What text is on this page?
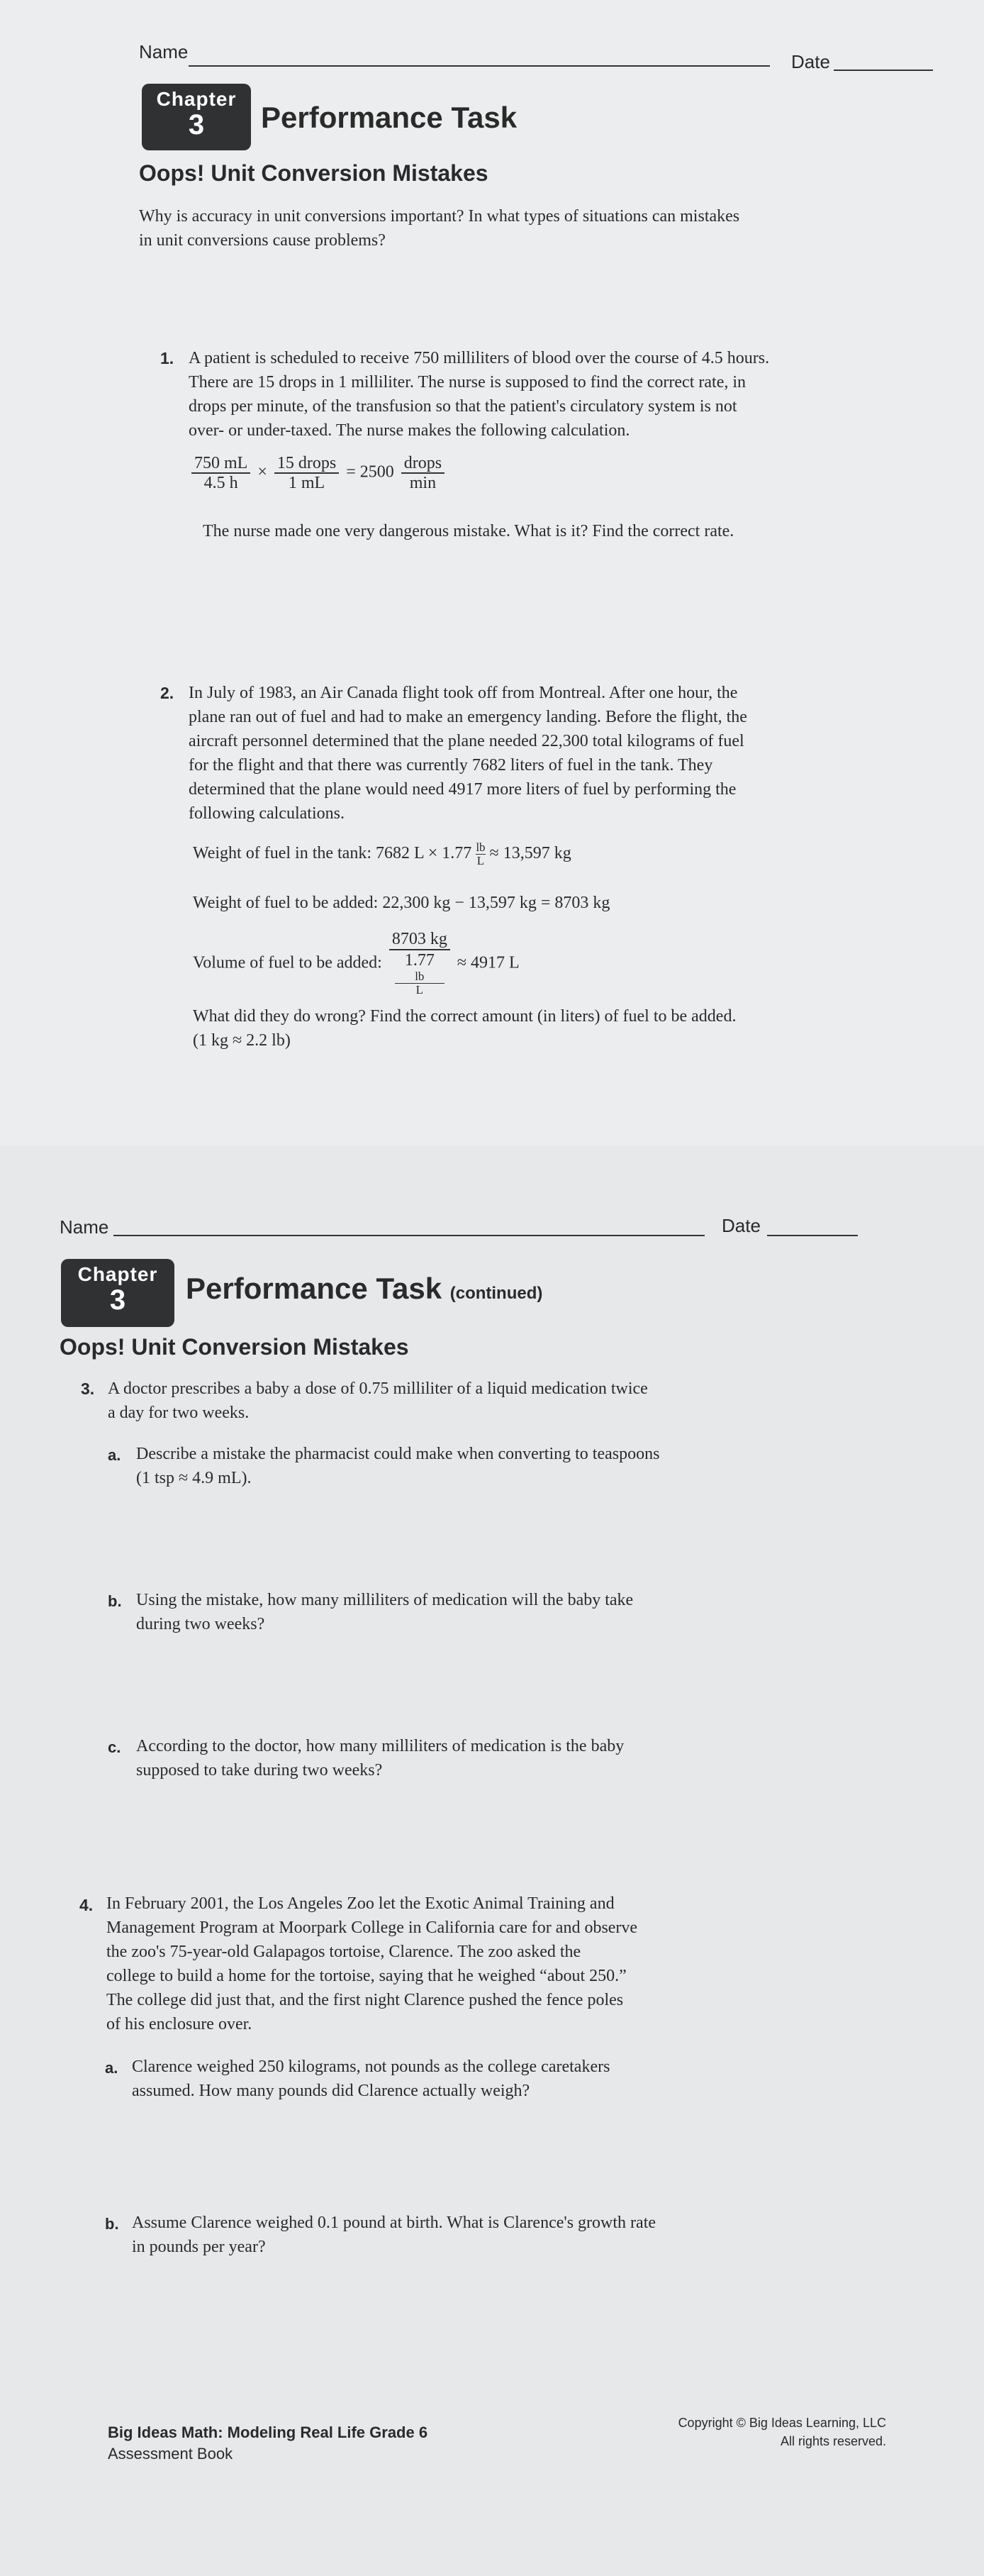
Name	Date
Chapter
3	Performance Task
Oops! Unit Conversion Mistakes
Why is accuracy in unit conversions important? In what types of situations can mistakes
in unit conversions cause problems?
1. A patient is scheduled to receive 750 milliliters of blood over the course of 4.5 hours.
There are 15 drops in 1 milliliter. The nurse is supposed to find the correct rate, in
drops per minute, of the transfusion so that the patient's circulatory system is not
over- or under-taxed. The nurse makes the following calculation.
$\frac{750 mL}{4.5 h} \times \frac{\text{15 drops}}{1 mL} = 2500 \frac{\text{drops}}{\min}$
The nurse made one very dangerous mistake. What is it? Find the correct rate.
2. In July of 1983, an Air Canada flight took off from Montreal. After one hour, the
plane ran out of fuel and had to make an emergency landing. Before the flight, the
aircraft personnel determined that the plane needed 22,300 total kilograms of fuel
for the flight and that there was currently 7682 liters of fuel in the tank. They
determined that the plane would need 4917 more liters of fuel by performing the
following calculations.
Weight of fuel in the tank: 7682 $L \times 1.77 \frac{lb}{L} \approx 13,597$ kg
Weight of fuel to be added: 22,300 kg − 13,597 kg = 8703 kg
Volume of fuel to be added: 8703 kg
1.77
lb
L ≈ 4917 L
What did they do wrong? Find the correct amount (in liters) of fuel to be added.
(1 kg ≈ 2.2 lb)
Name	Date
Chapter
3	Performance Task (continued)
Oops! Unit Conversion Mistakes
3. A doctor prescribes a baby a dose of 0.75 milliliter of a liquid medication twice
a day for two weeks.
a. Describe a mistake the pharmacist could make when converting to teaspoons
(1 tsp ≈ 4.9 mL).
b. Using the mistake, how many milliliters of medication will the baby take
during two weeks?
c. According to the doctor, how many milliliters of medication is the baby
supposed to take during two weeks?
4. In February 2001, the Los Angeles Zoo let the Exotic Animal Training and
Management Program at Moorpark College in California care for and observe
the zoo's 75-year-old Galapagos tortoise, Clarence. The zoo asked the
college to build a home for the tortoise, saying that he weighed “about 250.”
The college did just that, and the first night Clarence pushed the fence poles
of his enclosure over.
a. Clarence weighed 250 kilograms, not pounds as the college caretakers
assumed. How many pounds did Clarence actually weigh?
b. Assume Clarence weighed 0.1 pound at birth. What is Clarence's growth rate
in pounds per year?
Big Ideas Math: Modeling Real Life Grade 6
Assessment Book
Copyright © Big Ideas Learning, LLC
All rights reserved.
